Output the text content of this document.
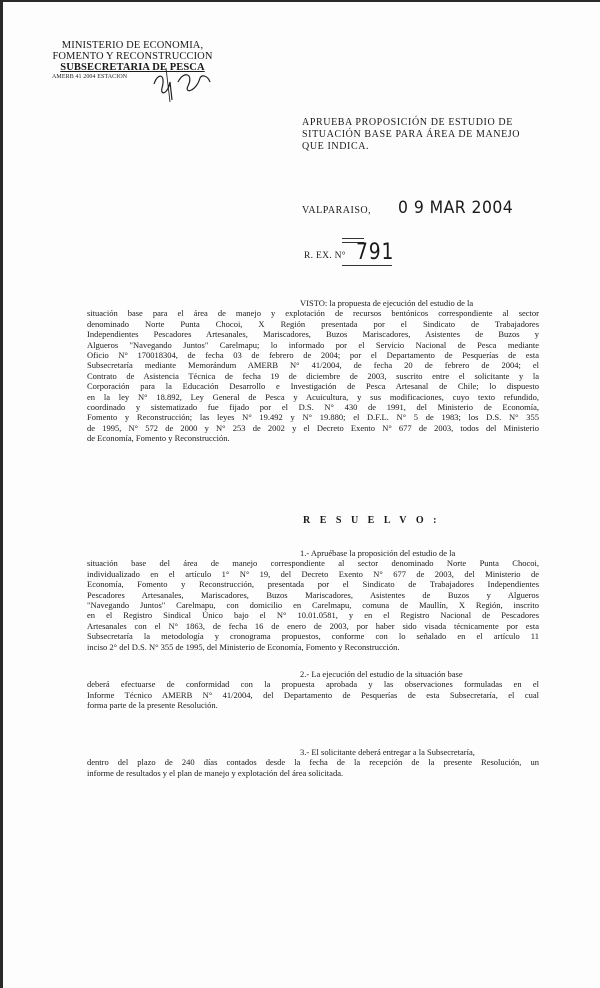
MINISTERIO DE ECONOMIA,
FOMENTO Y RECONSTRUCCION
SUBSECRETARIA DE PESCA
AMERB 41 2004 ESTACION
APRUEBA PROPOSICIÓN DE ESTUDIO DE
SITUACIÓN BASE PARA ÁREA DE MANEJO
QUE INDICA.
VALPARAISO, 0 9 MAR 2004
R. EX. N° 791
VISTO: la propuesta de ejecución del estudio de la
situación base para el área de manejo y explotación de recursos bentónicos correspondiente al sector
denominado Norte Punta Chocoi, X Región presentada por el Sindicato de Trabajadores
Independientes Pescadores Artesanales, Mariscadores, Buzos Mariscadores, Asistentes de Buzos y
Algueros "Navegando Juntos" Carelmapu; lo informado por el Servicio Nacional de Pesca mediante
Oficio N° 170018304, de fecha 03 de febrero de 2004; por el Departamento de Pesquerías de esta
Subsecretaría mediante Memorándum AMERB N° 41/2004, de fecha 20 de febrero de 2004; el
Contrato de Asistencia Técnica de fecha 19 de diciembre de 2003, suscrito entre el solicitante y la
Corporación para la Educación Desarrollo e Investigación de Pesca Artesanal de Chile; lo dispuesto
en la ley N° 18.892, Ley General de Pesca y Acuicultura, y sus modificaciones, cuyo texto refundido,
coordinado y sistematizado fue fijado por el D.S. N° 430 de 1991, del Ministerio de Economía,
Fomento y Reconstrucción; las leyes N° 19.492 y N° 19.880; el D.F.L. N° 5 de 1983; los D.S. N° 355
de 1995, N° 572 de 2000 y N° 253 de 2002 y el Decreto Exento N° 677 de 2003, todos del Ministerio
de Economía, Fomento y Reconstrucción.
R E S U E L V O :
1.- Apruébase la proposición del estudio de la
situación base del área de manejo correspondiente al sector denominado Norte Punta Chocoi,
individualizado en el artículo 1° N° 19, del Decreto Exento N° 677 de 2003, del Ministerio de
Economía, Fomento y Reconstrucción, presentada por el Sindicato de Trabajadores Independientes
Pescadores Artesanales, Mariscadores, Buzos Mariscadores, Asistentes de Buzos y Algueros
"Navegando Juntos" Carelmapu, con domicilio en Carelmapu, comuna de Maullín, X Región, inscrito
en el Registro Sindical Único bajo el N° 10.01.0581, y en el Registro Nacional de Pescadores
Artesanales con el N° 1863, de fecha 16 de enero de 2003, por haber sido visada técnicamente por esta
Subsecretaría la metodología y cronograma propuestos, conforme con lo señalado en el artículo 11
inciso 2° del D.S. N° 355 de 1995, del Ministerio de Economía, Fomento y Reconstrucción.
2.- La ejecución del estudio de la situación base
deberá efectuarse de conformidad con la propuesta aprobada y las observaciones formuladas en el
Informe Técnico AMERB N° 41/2004, del Departamento de Pesquerías de esta Subsecretaría, el cual
forma parte de la presente Resolución.
3.- El solicitante deberá entregar a la Subsecretaría,
dentro del plazo de 240 días contados desde la fecha de la recepción de la presente Resolución, un
informe de resultados y el plan de manejo y explotación del área solicitada.
